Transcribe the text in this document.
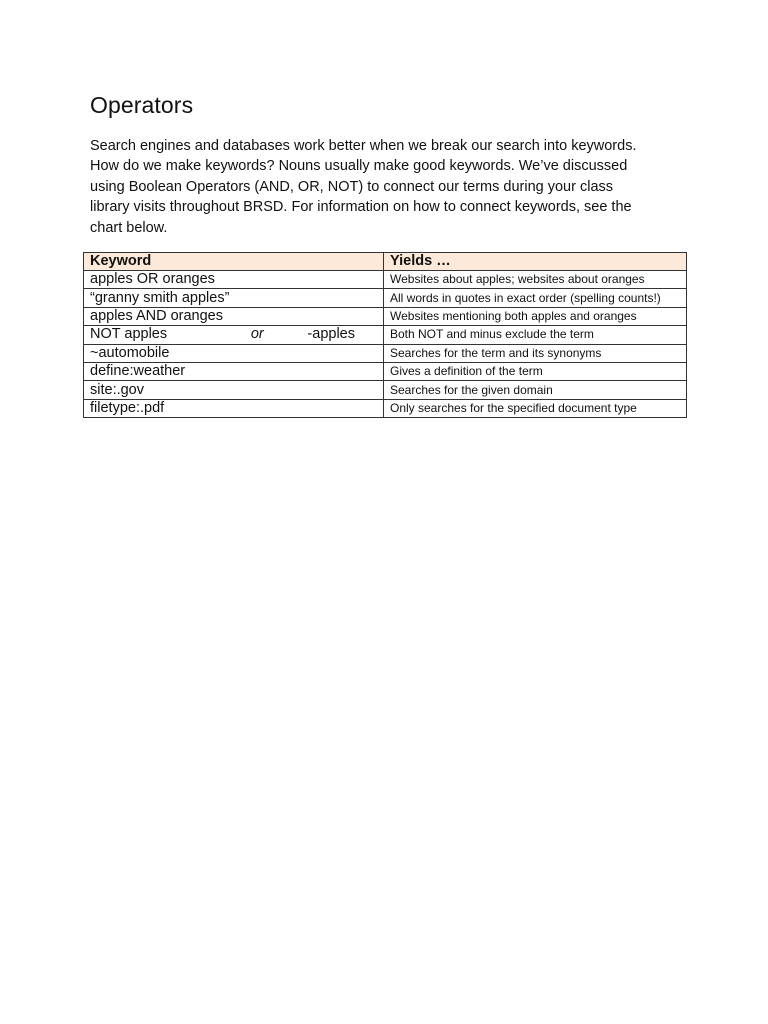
Operators

Search engines and databases work better when we break our search into keywords.
How do we make keywords? Nouns usually make good keywords. We’ve discussed
using Boolean Operators (AND, OR, NOT) to connect our terms during your class
library visits throughout BRSD. For information on how to connect keywords, see the
chart below.

Keyword	Yields …
apples OR oranges	Websites about apples; websites about oranges
“granny smith apples”	All words in quotes in exact order (spelling counts!)
apples AND oranges	Websites mentioning both apples and oranges

NOT apples or -apples	Both NOT and minus exclude the term
~automobile	Searches for the term and its synonyms
define:weather	Gives a definition of the term
site:.gov	Searches for the given domain
filetype:.pdf	Only searches for the specified document type
